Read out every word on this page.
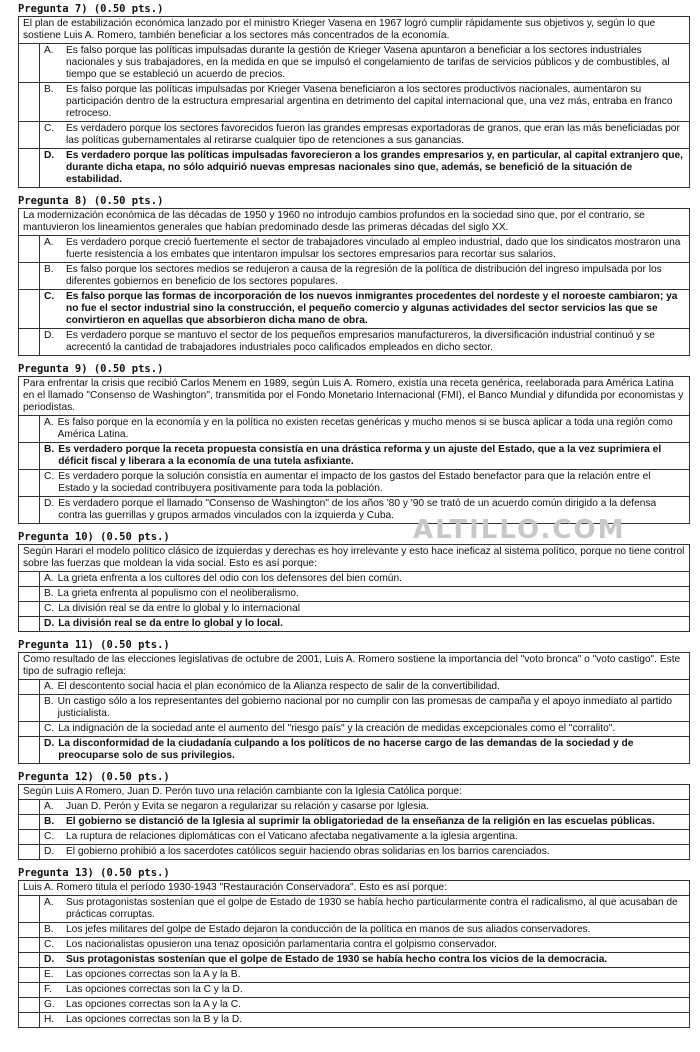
ALTILLO.COM
Pregunta 7) (0.50 pts.)
El plan de estabilización económica lanzado por el ministro Krieger Vasena en 1967 logró cumplir rápidamente sus objetivos y, según lo que sostiene Luis A. Romero, también beneficiar a los sectores más concentrados de la economía.
A.	Es falso porque las políticas impulsadas durante la gestión de Krieger Vasena apuntaron a beneficiar a los sectores industriales nacionales y sus trabajadores, en la medida en que se impulsó el congelamiento de tarifas de servicios públicos y de combustibles, al tiempo que se estableció un acuerdo de precios.
B.	Es falso porque las políticas impulsadas por Krieger Vasena beneficiaron a los sectores productivos nacionales, aumentaron su participación dentro de la estructura empresarial argentina en detrimento del capital internacional que, una vez más, entraba en franco retroceso.
C.	Es verdadero porque los sectores favorecidos fueron las grandes empresas exportadoras de granos, que eran las más beneficiadas por las políticas gubernamentales al retirarse cualquier tipo de retenciones a sus ganancias.
D.	Es verdadero porque las políticas impulsadas favorecieron a los grandes empresarios y, en particular, al capital extranjero que, durante dicha etapa, no sólo adquirió nuevas empresas nacionales sino que, además, se benefició de la situación de estabilidad.
Pregunta 8) (0.50 pts.)
La modernización económica de las décadas de 1950 y 1960 no introdujo cambios profundos en la sociedad sino que, por el contrario, se mantuvieron los lineamientos generales que habían predominado desde las primeras décadas del siglo XX.
A.	Es verdadero porque creció fuertemente el sector de trabajadores vinculado al empleo industrial, dado que los sindicatos mostraron una fuerte resistencia a los embates que intentaron impulsar los sectores empresarios para recortar sus salarios.
B.	Es falso porque los sectores medios se redujeron a causa de la regresión de la política de distribución del ingreso impulsada por los diferentes gobiernos en beneficio de los sectores populares.
C.	Es falso porque las formas de incorporación de los nuevos inmigrantes procedentes del nordeste y el noroeste cambiaron; ya no fue el sector industrial sino la construcción, el pequeño comercio y algunas actividades del sector servicios las que se convirtieron en aquellas que absorbieron dicha mano de obra.
D.	Es verdadero porque se mantuvo el sector de los pequeños empresarios manufactureros, la diversificación industrial continuó y se acrecentó la cantidad de trabajadores industriales poco calificados empleados en dicho sector.
Pregunta 9) (0.50 pts.)
Para enfrentar la crisis que recibió Carlos Menem en 1989, según Luis A. Romero, existía una receta genérica, reelaborada para América Latina en el llamado "Consenso de Washington", transmitida por el Fondo Monetario Internacional (FMI), el Banco Mundial y difundida por economistas y periodistas.
A. Es falso porque en la economía y en la política no existen recetas genéricas y mucho menos si se busca aplicar a toda una región como América Latina.
B. Es verdadero porque la receta propuesta consistía en una drástica reforma y un ajuste del Estado, que a la vez suprimiera el déficit fiscal y liberara a la economía de una tutela asfixiante.
C. Es verdadero porque la solución consistía en aumentar el impacto de los gastos del Estado benefactor para que la relación entre el Estado y la sociedad contribuyera positivamente para toda la población.
D. Es verdadero porque el llamado "Consenso de Washington" de los años '80 y '90 se trató de un acuerdo común dirigido a la defensa contra las guerrillas y grupos armados vinculados con la izquierda y Cuba.
Pregunta 10) (0.50 pts.)
Según Harari el modelo político clásico de izquierdas y derechas es hoy irrelevante y esto hace ineficaz al sistema político, porque no tiene control sobre las fuerzas que moldean la vida social. Esto es así porque:
A. La grieta enfrenta a los cultores del odio con los defensores del bien común.
B. La grieta enfrenta al populismo con el neoliberalismo.
C. La división real se da entre lo global y lo internacional
D. La división real se da entre lo global y lo local.
Pregunta 11) (0.50 pts.)
Como resultado de las elecciones legislativas de octubre de 2001, Luis A. Romero sostiene la importancia del "voto bronca" o "voto castigo". Este tipo de sufragio refleja:
A. El descontento social hacia el plan económico de la Alianza respecto de salir de la convertibilidad.
B. Un castigo sólo a los representantes del gobierno nacional por no cumplir con las promesas de campaña y el apoyo inmediato al partido justicialista.
C. La indignación de la sociedad ante el aumento del "riesgo país" y la creación de medidas excepcionales como el "corralito".
D. La disconformidad de la ciudadanía culpando a los políticos de no hacerse cargo de las demandas de la sociedad y de preocuparse solo de sus privilegios.
Pregunta 12) (0.50 pts.)
Según Luis A Romero, Juan D. Perón tuvo una relación cambiante con la Iglesia Católica porque:
A.	Juan D. Perón y Evita se negaron a regularizar su relación y casarse por Iglesia.
B.	El gobierno se distanció de la Iglesia al suprimir la obligatoriedad de la enseñanza de la religión en las escuelas públicas.
C.	La ruptura de relaciones diplomáticas con el Vaticano afectaba negativamente a la iglesia argentina.
D.	El gobierno prohibió a los sacerdotes católicos seguir haciendo obras solidarias en los barrios carenciados.
Pregunta 13) (0.50 pts.)
Luis A. Romero titula el período 1930-1943 "Restauración Conservadora". Esto es así porque:
A.	Sus protagonistas sostenían que el golpe de Estado de 1930 se había hecho particularmente contra el radicalismo, al que acusaban de prácticas corruptas.
B.	Los jefes militares del golpe de Estado dejaron la conducción de la política en manos de sus aliados conservadores.
C.	Los nacionalistas opusieron una tenaz oposición parlamentaria contra el golpismo conservador.
D.	Sus protagonistas sostenían que el golpe de Estado de 1930 se había hecho contra los vicios de la democracia.
E.	Las opciones correctas son la A y la B.
F.	Las opciones correctas son la C y la D.
G.	Las opciones correctas son la A y la C.
H.	Las opciones correctas son la B y la D.
